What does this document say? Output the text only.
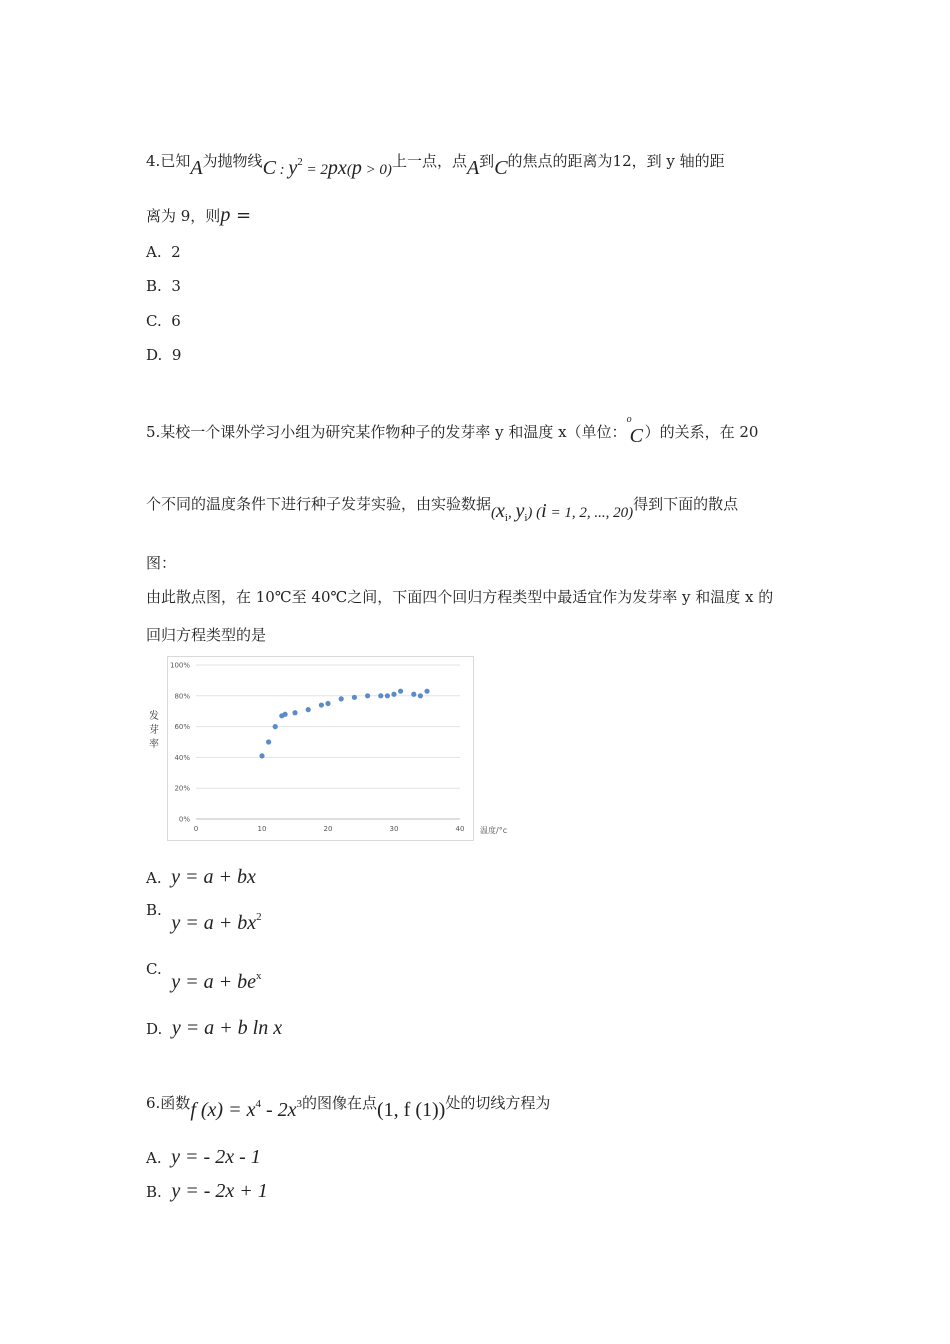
4.已知A为抛物线C : $y^2 = 2px(p > 0)$上一点，点A到C的焦点的距离为12，到 y 轴的距
离为 9，则p =
A. 2
B. 3
C. 6
D. 9
5.某校一个课外学习小组为研究某作物种子的发芽率 y 和温度 x（单位：
o
C ）的关系，在 20
个不同的温度条件下进行种子发芽实验，由实验数据($x_i$, $y_i$) (i = 1, 2, ..., 20)得到下面的散点
图：
由此散点图，在 10℃至 40℃之间，下面四个回归方程类型中最适宜作为发芽率 y 和温度 x 的
回归方程类型的是
0%
20%
40%
60%
80%
100%
0	10	20	30	40
发
芽
率
温度/°c
A. y = a + bx
B.  $y = a + bx^2$
C.  $y = a + be^x$
D. y = a + b ln x
6.函数f $(x) = x^4 - 2x^3$的图像在点(1, f (1))处的切线方程为
A. y = - 2x - 1
B. y = - 2x + 1
